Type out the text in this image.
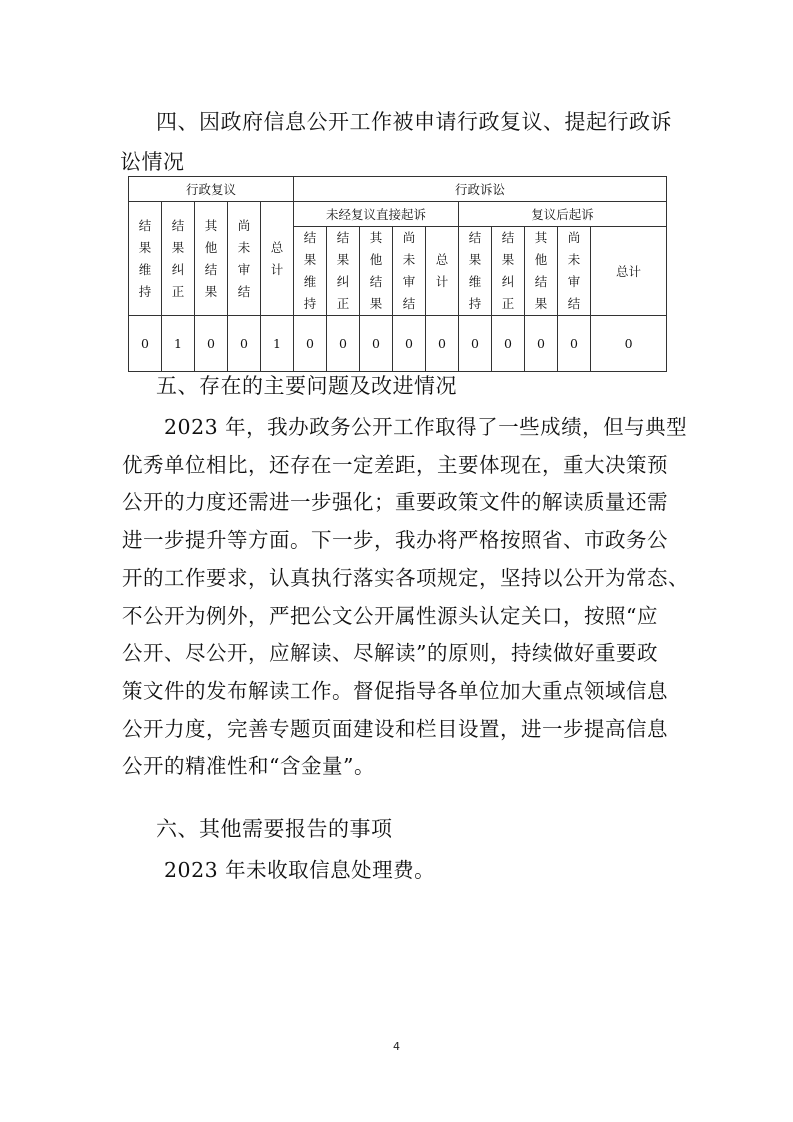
四、因政府信息公开工作被申请行政复议、提起行政诉
讼情况
行政复议					行政诉讼									
结果维持	结果纠正	其他结果	尚未审结	总计	未经复议直接起诉					复议后起诉				
					结果维持	结果纠正	其他结果	尚未审结	总计	结果维持	结果纠正	其他结果	尚未审结	总计
0	1	0	0	1	0	0	0	0	0	0	0	0	0	0
五、存在的主要问题及改进情况

　　2023 年，我办政务公开工作取得了一些成绩，但与典型

优秀单位相比，还存在一定差距，主要体现在，重大决策预

公开的力度还需进一步强化；重要政策文件的解读质量还需

进一步提升等方面。下一步，我办将严格按照省、市政务公

开的工作要求，认真执行落实各项规定，坚持以公开为常态、

不公开为例外，严把公文公开属性源头认定关口，按照“应

公开、尽公开，应解读、尽解读”的原则，持续做好重要政

策文件的发布解读工作。督促指导各单位加大重点领域信息

公开力度，完善专题页面建设和栏目设置，进一步提高信息

公开的精准性和“含金量”。

六、其他需要报告的事项

　　2023 年未收取信息处理费。

4
